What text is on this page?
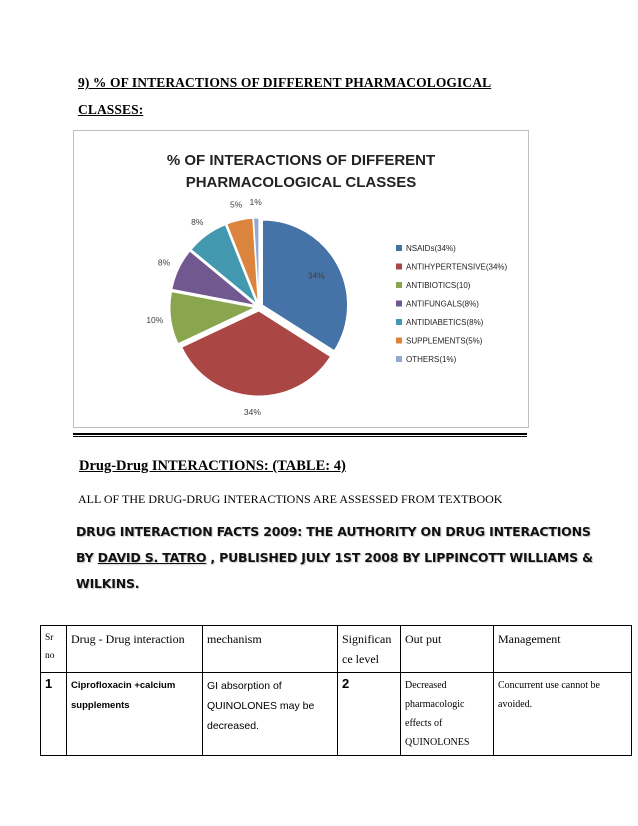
9) % OF INTERACTIONS OF DIFFERENT PHARMACOLOGICAL
CLASSES:
% OF INTERACTIONS OF DIFFERENT
PHARMACOLOGICAL CLASSES
34%
34%
10%
8%
8%
5% 1%
NSAIDs(34%)
ANTIHYPERTENSIVE(34%)
ANTIBIOTICS(10)
ANTIFUNGALS(8%)
ANTIDIABETICS(8%)
SUPPLEMENTS(5%)
OTHERS(1%)
Drug-Drug INTERACTIONS: (TABLE: 4)
ALL OF THE DRUG-DRUG INTERACTIONS ARE ASSESSED FROM TEXTBOOK
DRUG INTERACTION FACTS 2009: THE AUTHORITY ON DRUG INTERACTIONS
BY DAVID S. TATRO , PUBLISHED JULY 1ST 2008 BY LIPPINCOTT WILLIAMS &
WILKINS.
Sr no	Drug - Drug interaction	mechanism	Significance level	Out put	Management
1	Ciprofloxacin +calcium supplements	GI absorption of QUINOLONES may be decreased.	2	Decreased pharmacologic effects of QUINOLONES	Concurrent use cannot be avoided.
